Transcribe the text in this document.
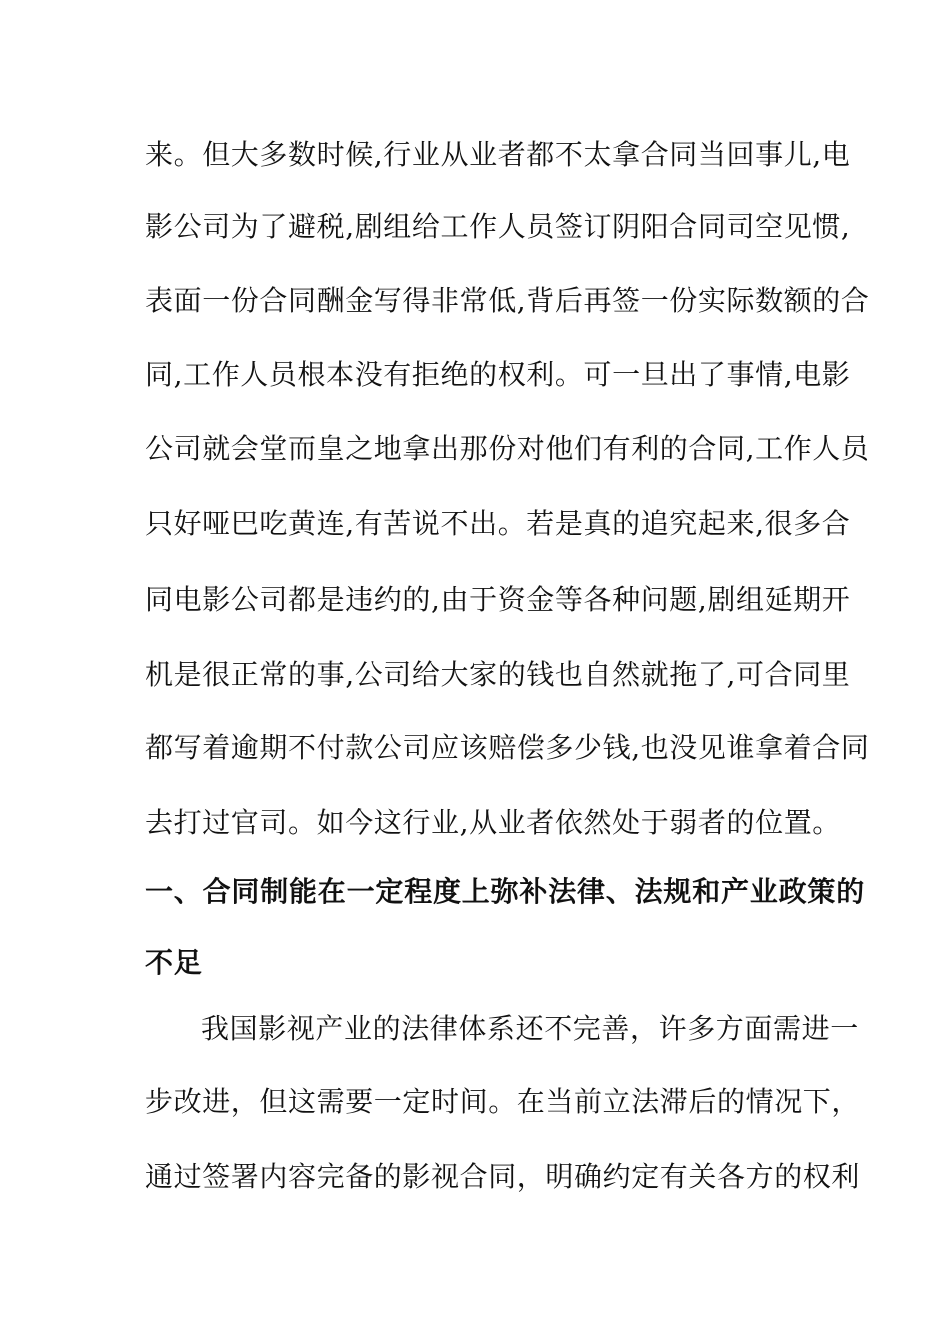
来。但大多数时候,行业从业者都不太拿合同当回事儿,电
影公司为了避税,剧组给工作人员签订阴阳合同司空见惯,
表面一份合同酬金写得非常低,背后再签一份实际数额的合
同,工作人员根本没有拒绝的权利。可一旦出了事情,电影
公司就会堂而皇之地拿出那份对他们有利的合同,工作人员
只好哑巴吃黄连,有苦说不出。若是真的追究起来,很多合
同电影公司都是违约的,由于资金等各种问题,剧组延期开
机是很正常的事,公司给大家的钱也自然就拖了,可合同里
都写着逾期不付款公司应该赔偿多少钱,也没见谁拿着合同
去打过官司。如今这行业,从业者依然处于弱者的位置。
一、合同制能在一定程度上弥补法律、法规和产业政策的
不足
我国影视产业的法律体系还不完善，许多方面需进一
步改进，但这需要一定时间。在当前立法滞后的情况下，
通过签署内容完备的影视合同，明确约定有关各方的权利
